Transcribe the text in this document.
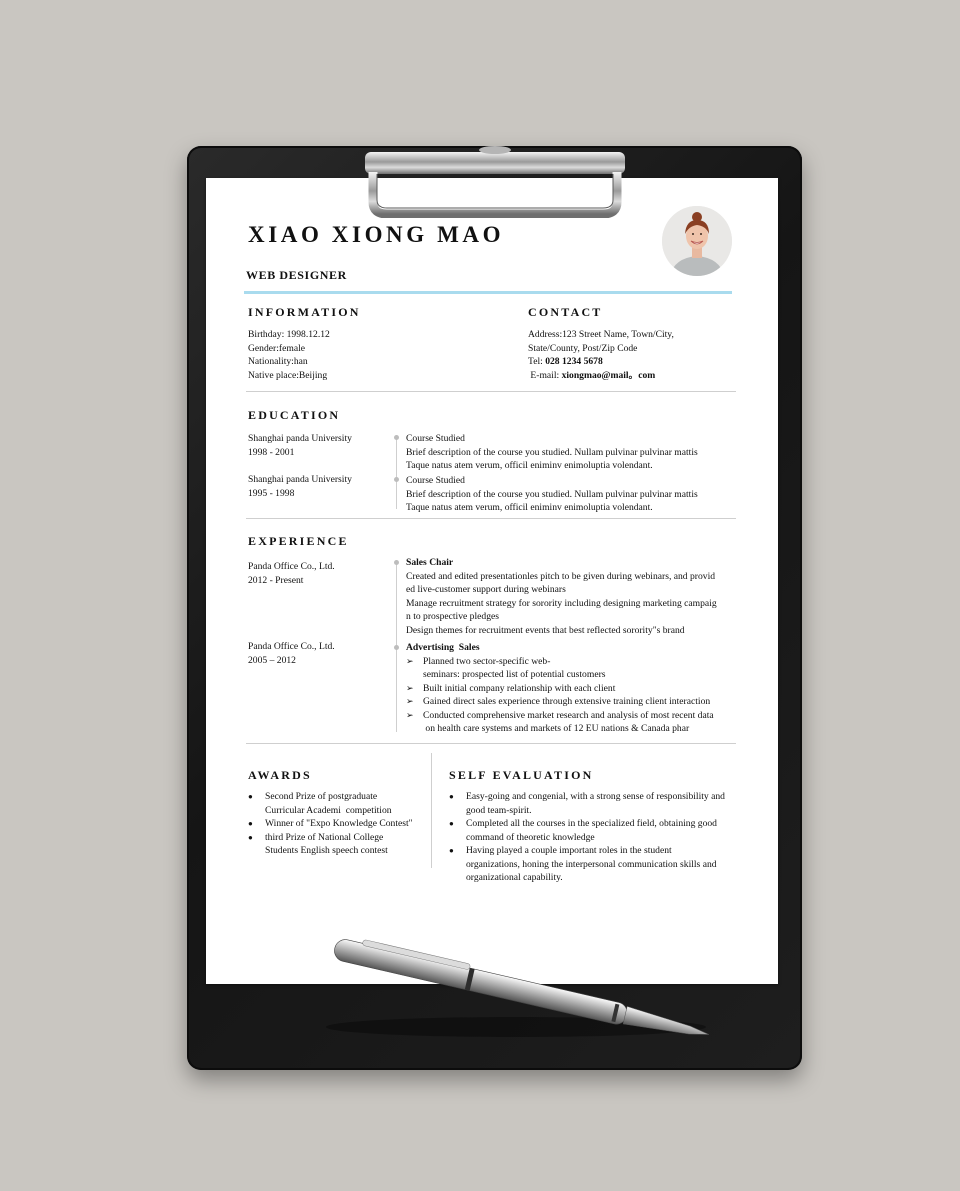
XIAO XIONG MAO
WEB DESIGNER
INFORMATION
Birthday: 1998.12.12
Gender:female
Nationality:han
Native place:Beijing
CONTACT
Address:123 Street Name, Town/City,
State/County, Post/Zip Code
Tel: 028 1234 5678
E-mail: xiongmao@mail。com
EDUCATION
Shanghai panda University
1998 - 2001
Course Studied
Brief description of the course you studied. Nullam pulvinar pulvinar mattis
Taque natus atem verum, officil eniminv enimoluptia volendant.
Shanghai panda University
1995 - 1998
Course Studied
Brief description of the course you studied. Nullam pulvinar pulvinar mattis
Taque natus atem verum, officil eniminv enimoluptia volendant.
EXPERIENCE
Panda Office Co., Ltd.
2012 - Present
Sales Chair
Created and edited presentationles pitch to be given during webinars, and provid
ed live-customer support during webinars
Manage recruitment strategy for sorority including designing marketing campaig
n to prospective pledges
Design themes for recruitment events that best reflected sorority"s brand
Panda Office Co., Ltd.
2005 – 2012
Advertising  Sales
➢ Planned two sector-specific web-
seminars: prospected list of potential customers
➢ Built initial company relationship with each client
➢ Gained direct sales experience through extensive training client interaction
➢ Conducted comprehensive market research and analysis of most recent data
on health care systems and markets of 12 EU nations & Canada phar
AWARDS
● Second Prize of postgraduate
Curricular Academi  competition
● Winner of "Expo Knowledge Contest"
● third Prize of National College
Students English speech contest
SELF EVALUATION
● Easy-going and congenial, with a strong sense of responsibility and
good team-spirit.
● Completed all the courses in the specialized field, obtaining good
command of theoretic knowledge
● Having played a couple important roles in the student
organizations, honing the interpersonal communication skills and
organizational capability.
